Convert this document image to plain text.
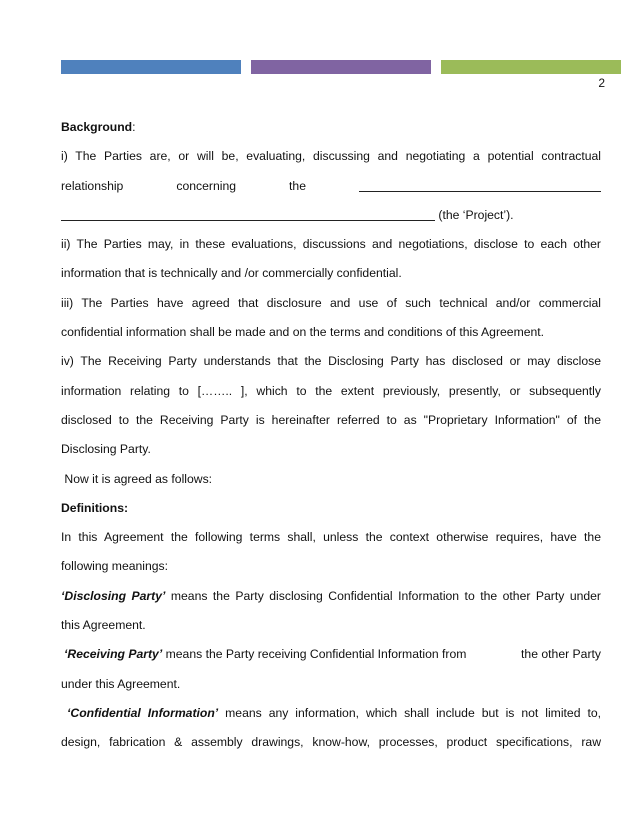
2
Background:
i) The Parties are, or will be, evaluating, discussing and negotiating a potential contractual
relationship	concerning	the
(the ‘Project’).
ii) The Parties may, in these evaluations, discussions and negotiations, disclose to each other
information that is technically and /or commercially confidential.
iii) The Parties have agreed that disclosure and use of such technical and/or commercial
confidential information shall be made and on the terms and conditions of this Agreement.
iv) The Receiving Party understands that the Disclosing Party has disclosed or may disclose
information relating to […….. ], which to the extent previously, presently, or subsequently
disclosed to the Receiving Party is hereinafter referred to as "Proprietary Information" of the
Disclosing Party.
Now it is agreed as follows:
Definitions:
In this Agreement the following terms shall, unless the context otherwise requires, have the
following meanings:
‘Disclosing Party’ means the Party disclosing Confidential Information to the other Party under
this Agreement.
‘Receiving Party’ means the Party receiving Confidential Information from	the other Party
under this Agreement.
‘Confidential Information’ means any information, which shall include but is not limited to,
design, fabrication & assembly drawings, know-how, processes, product specifications, raw
